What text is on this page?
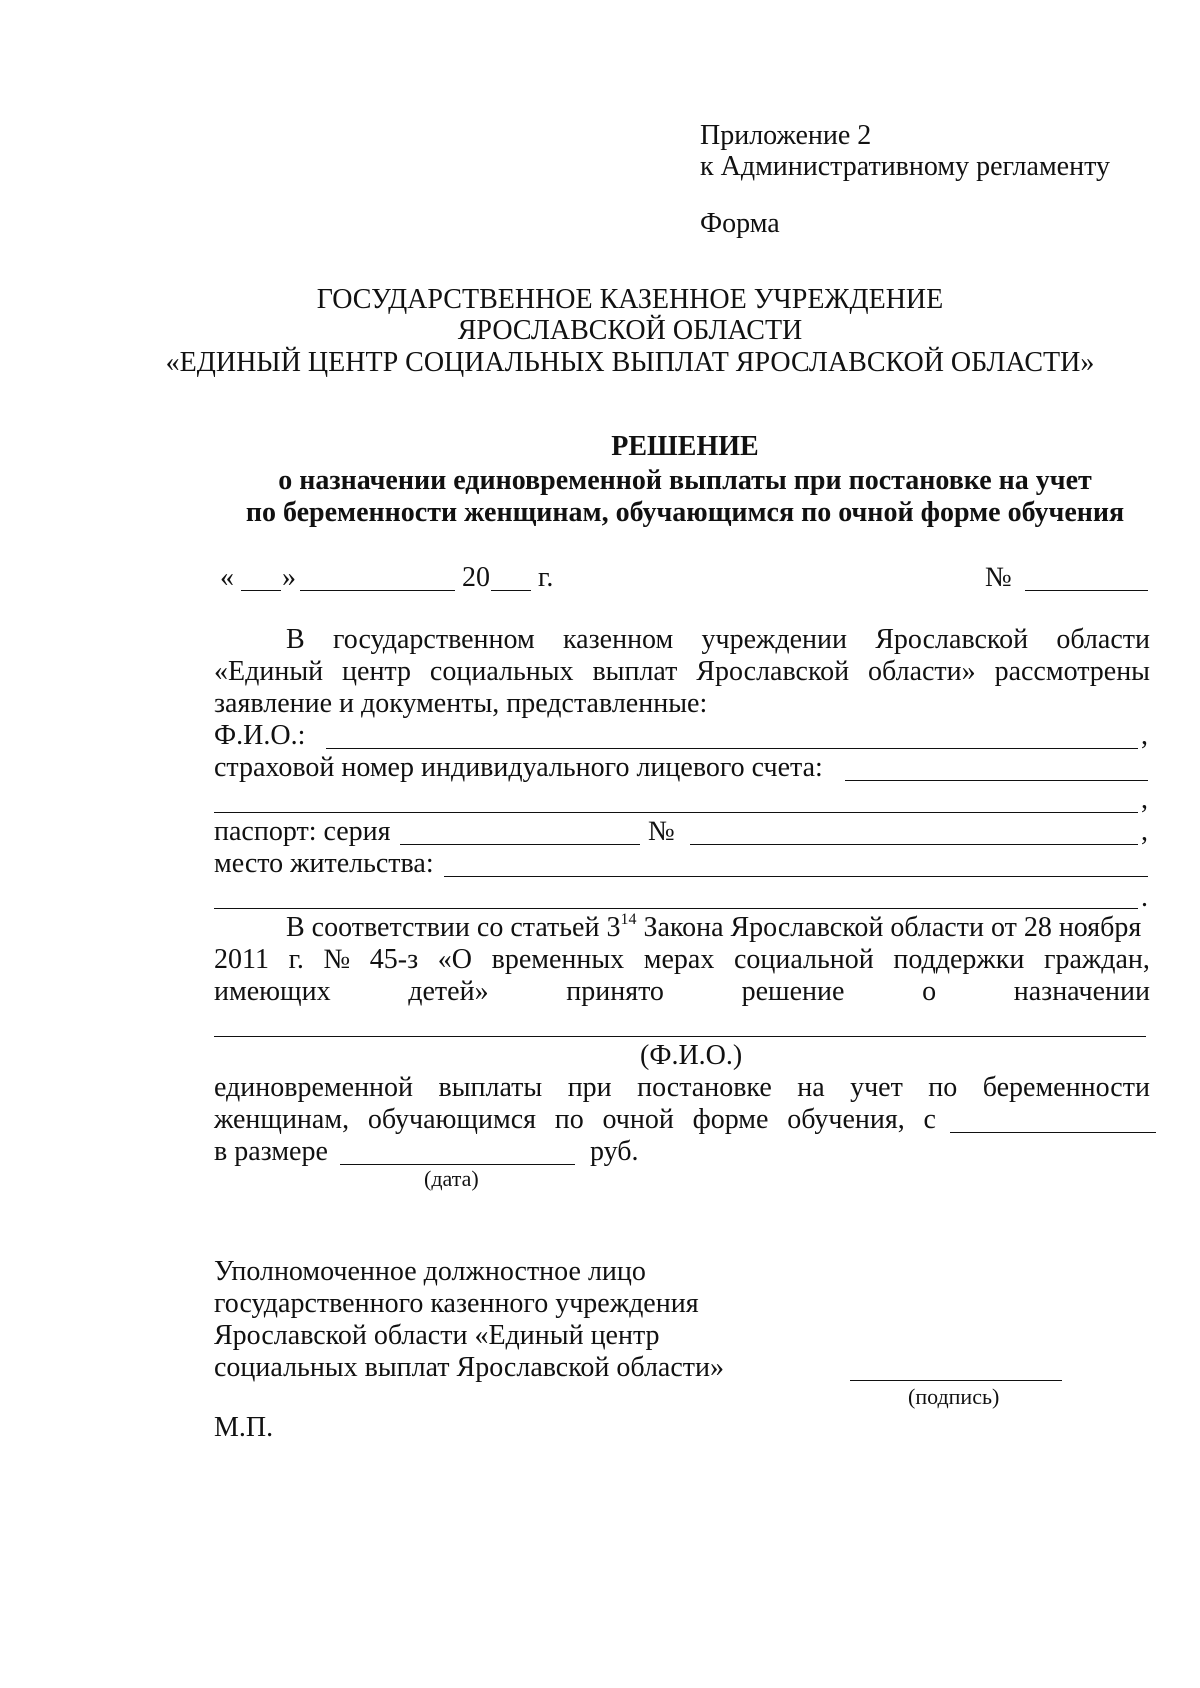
Приложение 2
к Административному регламенту
Форма
ГОСУДАРСТВЕННОЕ КАЗЕННОЕ УЧРЕЖДЕНИЕ
ЯРОСЛАВСКОЙ ОБЛАСТИ
«ЕДИНЫЙ ЦЕНТР СОЦИАЛЬНЫХ ВЫПЛАТ ЯРОСЛАВСКОЙ ОБЛАСТИ»
РЕШЕНИЕ
о назначении единовременной выплаты при постановке на учет
по беременности женщинам, обучающимся по очной форме обучения
« »	20 г.	№
В государственном казенном учреждении Ярославской области
«Единый центр социальных выплат Ярославской области» рассмотрены
заявление и документы, представленные:
Ф.И.О.:	,
страховой номер индивидуального лицевого счета:
,
паспорт: серия	№	,
место жительства:
.
В соответствии со статьей $3^{14}$ Закона Ярославской области от 28 ноября
2011 г. № 45-з «О временных мерах социальной поддержки граждан,
имеющих	детей»	принято	решение	о	назначении
(Ф.И.О.)
единовременной выплаты при постановке на учет по беременности
женщинам, обучающимся по очной форме обучения, с
в размере	руб.
(дата)
Уполномоченное должностное лицо
государственного казенного учреждения
Ярославской области «Единый центр
социальных выплат Ярославской области»
(подпись)
М.П.
